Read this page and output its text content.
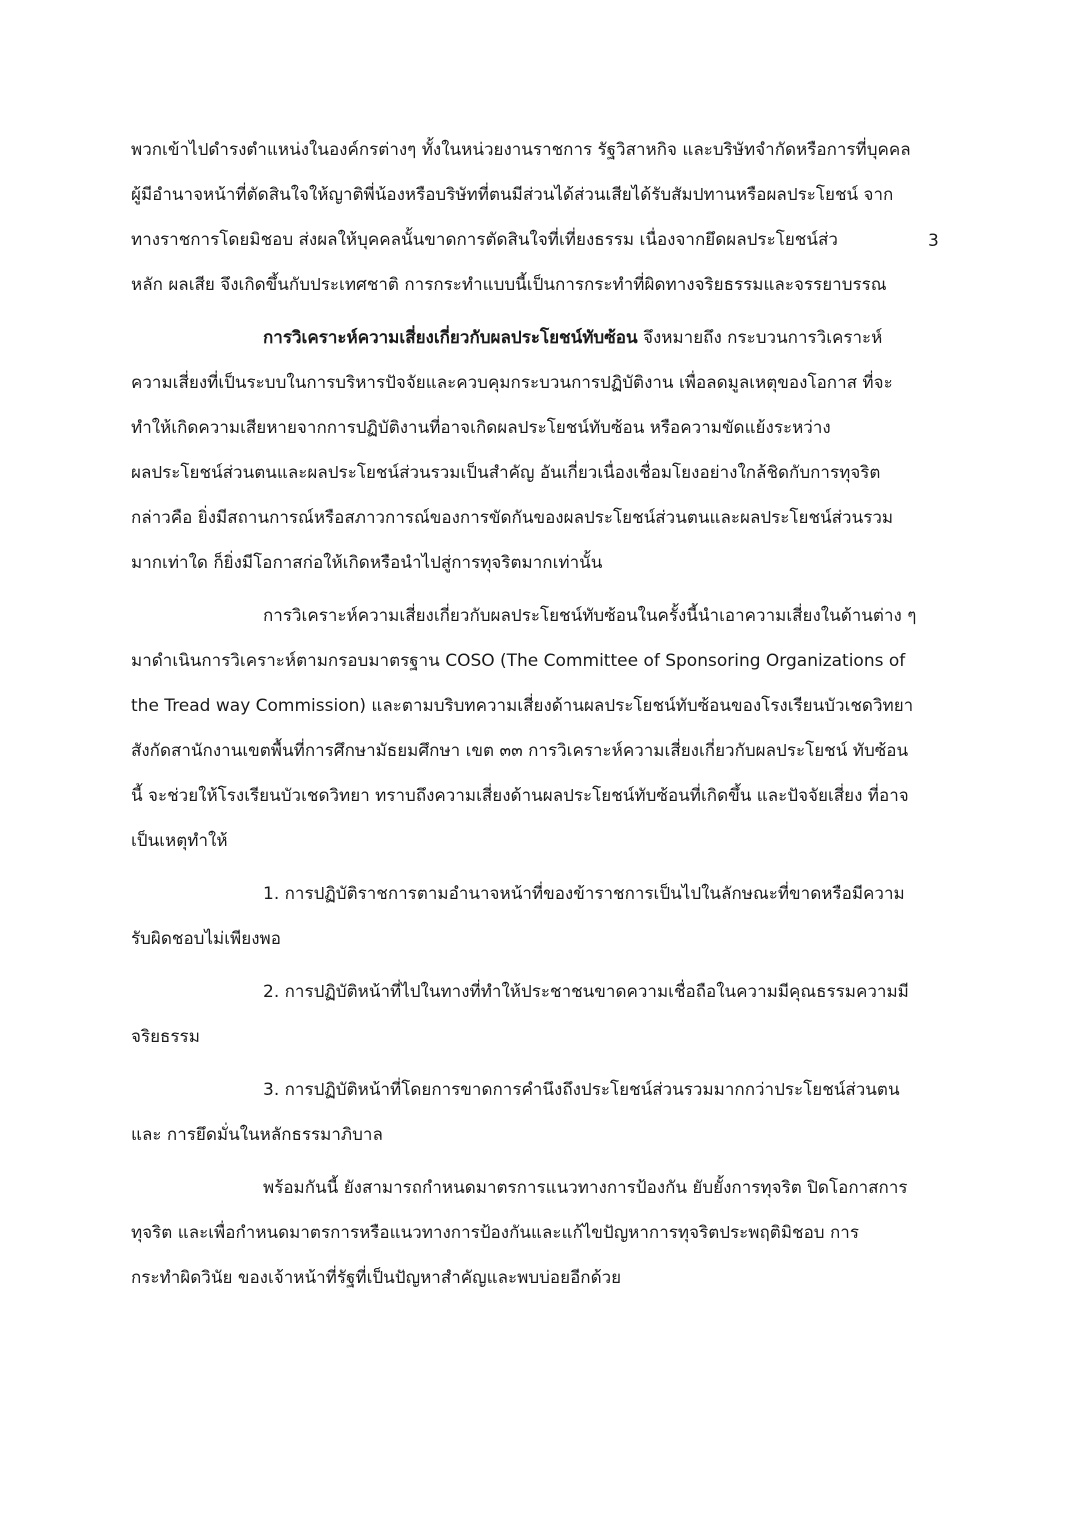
3
พวกเข้าไปดำรงตำแหน่งในองค์กรต่างๆ ทั้งในหน่วยงานราชการ รัฐวิสาหกิจ และบริษัทจำกัดหรือการที่บุคคล
ผู้มีอำนาจหน้าที่ตัดสินใจให้ญาติพี่น้องหรือบริษัทที่ตนมีส่วนได้ส่วนเสียได้รับสัมปทานหรือผลประโยชน์ จาก
ทางราชการโดยมิชอบ ส่งผลให้บุคคลนั้นขาดการตัดสินใจที่เที่ยงธรรม เนื่องจากยึดผลประโยชน์ส่ว
หลัก ผลเสีย จึงเกิดขึ้นกับประเทศชาติ การกระทำแบบนี้เป็นการกระทำที่ผิดทางจริยธรรมและจรรยาบรรณ
การวิเคราะห์ความเสี่ยงเกี่ยวกับผลประโยชน์ทับซ้อน จึงหมายถึง กระบวนการวิเคราะห์
ความเสี่ยงที่เป็นระบบในการบริหารปัจจัยและควบคุมกระบวนการปฏิบัติงาน เพื่อลดมูลเหตุของโอกาส ที่จะ
ทำให้เกิดความเสียหายจากการปฏิบัติงานที่อาจเกิดผลประโยชน์ทับซ้อน หรือความขัดแย้งระหว่าง
ผลประโยชน์ส่วนตนและผลประโยชน์ส่วนรวมเป็นสำคัญ อันเกี่ยวเนื่องเชื่อมโยงอย่างใกล้ชิดกับการทุจริต
กล่าวคือ ยิ่งมีสถานการณ์หรือสภาวการณ์ของการขัดกันของผลประโยชน์ส่วนตนและผลประโยชน์ส่วนรวม
มากเท่าใด ก็ยิ่งมีโอกาสก่อให้เกิดหรือนำไปสู่การทุจริตมากเท่านั้น
การวิเคราะห์ความเสี่ยงเกี่ยวกับผลประโยชน์ทับซ้อนในครั้งนี้นำเอาความเสี่ยงในด้านต่าง ๆ
มาดำเนินการวิเคราะห์ตามกรอบมาตรฐาน COSO (The Committee of Sponsoring Organizations of
the Tread way Commission) และตามบริบทความเสี่ยงด้านผลประโยชน์ทับซ้อนของโรงเรียนบัวเชดวิทยา
สังกัดสานักงานเขตพื้นที่การศึกษามัธยมศึกษา เขต ๓๓ การวิเคราะห์ความเสี่ยงเกี่ยวกับผลประโยชน์ ทับซ้อน
นี้ จะช่วยให้โรงเรียนบัวเชดวิทยา ทราบถึงความเสี่ยงด้านผลประโยชน์ทับซ้อนที่เกิดขึ้น และปัจจัยเสี่ยง ที่อาจ
เป็นเหตุทำให้
1. การปฏิบัติราชการตามอำนาจหน้าที่ของข้าราชการเป็นไปในลักษณะที่ขาดหรือมีความ
รับผิดชอบไม่เพียงพอ
2. การปฏิบัติหน้าที่ไปในทางที่ทำให้ประชาชนขาดความเชื่อถือในความมีคุณธรรมความมี
จริยธรรม
3. การปฏิบัติหน้าที่โดยการขาดการคำนึงถึงประโยชน์ส่วนรวมมากกว่าประโยชน์ส่วนตน
และ การยึดมั่นในหลักธรรมาภิบาล
พร้อมกันนี้ ยังสามารถกำหนดมาตรการแนวทางการป้องกัน ยับยั้งการทุจริต ปิดโอกาสการ
ทุจริต และเพื่อกำหนดมาตรการหรือแนวทางการป้องกันและแก้ไขปัญหาการทุจริตประพฤติมิชอบ การ
กระทำผิดวินัย ของเจ้าหน้าที่รัฐที่เป็นปัญหาสำคัญและพบบ่อยอีกด้วย
